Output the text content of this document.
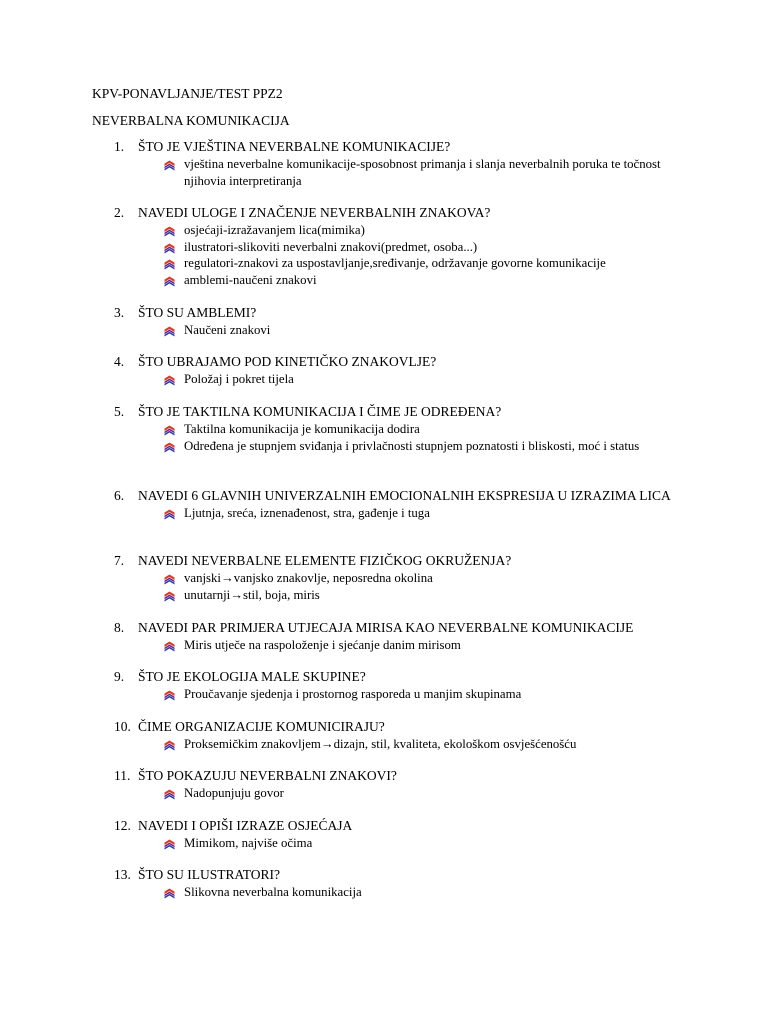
KPV-PONAVLJANJE/TEST PPZ2
NEVERBALNA KOMUNIKACIJA
1.	ŠTO JE VJEŠTINA NEVERBALNE KOMUNIKACIJE?
vještina neverbalne komunikacije-sposobnost primanja i slanja neverbalnih poruka te točnost njihovia interpretiranja
2.	NAVEDI ULOGE I ZNAČENJE NEVERBALNIH ZNAKOVA?
osjećaji-izražavanjem lica(mimika)
ilustratori-slikoviti neverbalni znakovi(predmet, osoba...)
regulatori-znakovi za uspostavljanje,sređivanje, održavanje govorne komunikacije
amblemi-naučeni znakovi
3.	ŠTO SU AMBLEMI?
Naučeni znakovi
4.	ŠTO UBRAJAMO POD KINETIČKO ZNAKOVLJE?
Položaj i pokret tijela
5.	ŠTO JE TAKTILNA KOMUNIKACIJA I ČIME JE ODREĐENA?
Taktilna komunikacija je komunikacija dodira
Određena je stupnjem sviđanja i privlačnosti stupnjem poznatosti i bliskosti, moć i status
6.	NAVEDI 6 GLAVNIH UNIVERZALNIH EMOCIONALNIH EKSPRESIJA U IZRAZIMA LICA
Ljutnja, sreća, iznenađenost, stra, gađenje i tuga
7.	NAVEDI NEVERBALNE ELEMENTE FIZIČKOG OKRUŽENJA?
vanjski→vanjsko znakovlje, neposredna okolina
unutarnji→stil, boja, miris
8.	NAVEDI PAR PRIMJERA UTJECAJA MIRISA KAO NEVERBALNE KOMUNIKACIJE
Miris utječe na raspoloženje i sjećanje danim mirisom
9.	ŠTO JE EKOLOGIJA MALE SKUPINE?
Proučavanje sjedenja i prostornog rasporeda u manjim skupinama
10. ČIME ORGANIZACIJE KOMUNICIRAJU?
Proksemičkim znakovljem→dizajn, stil, kvaliteta, ekološkom osvješćenošću
11. ŠTO POKAZUJU NEVERBALNI ZNAKOVI?
Nadopunjuju govor
12. NAVEDI I OPIŠI IZRAZE OSJEĆAJA
Mimikom, najviše očima
13. ŠTO SU ILUSTRATORI?
Slikovna neverbalna komunikacija
